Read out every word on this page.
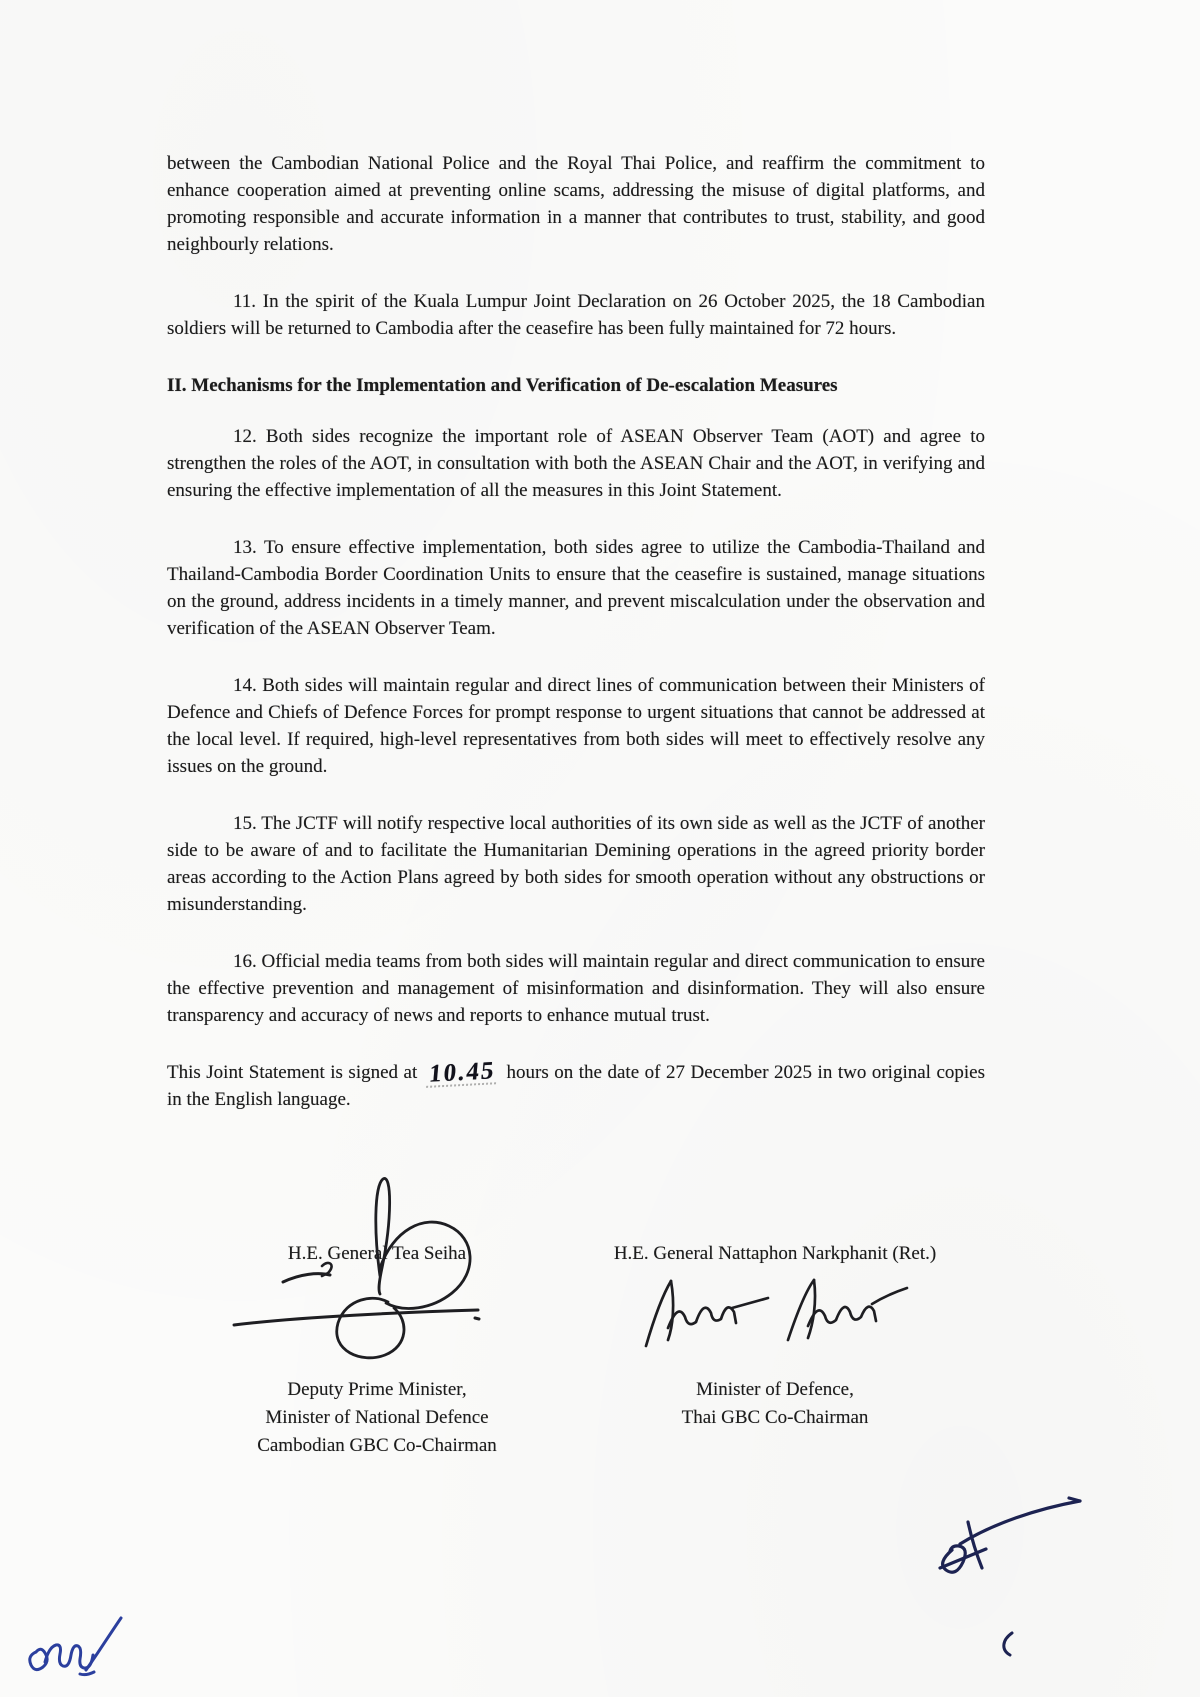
between the Cambodian National Police and the Royal Thai Police, and reaffirm the commitment to enhance cooperation aimed at preventing online scams, addressing the misuse of digital platforms, and promoting responsible and accurate information in a manner that contributes to trust, stability, and good neighbourly relations.

11. In the spirit of the Kuala Lumpur Joint Declaration on 26 October 2025, the 18 Cambodian soldiers will be returned to Cambodia after the ceasefire has been fully maintained for 72 hours.

II. Mechanisms for the Implementation and Verification of De-escalation Measures

12. Both sides recognize the important role of ASEAN Observer Team (AOT) and agree to strengthen the roles of the AOT, in consultation with both the ASEAN Chair and the AOT, in verifying and ensuring the effective implementation of all the measures in this Joint Statement.

13. To ensure effective implementation, both sides agree to utilize the Cambodia-Thailand and Thailand-Cambodia Border Coordination Units to ensure that the ceasefire is sustained, manage situations on the ground, address incidents in a timely manner, and prevent miscalculation under the observation and verification of the ASEAN Observer Team.

14. Both sides will maintain regular and direct lines of communication between their Ministers of Defence and Chiefs of Defence Forces for prompt response to urgent situations that cannot be addressed at the local level. If required, high-level representatives from both sides will meet to effectively resolve any issues on the ground.

15. The JCTF will notify respective local authorities of its own side as well as the JCTF of another side to be aware of and to facilitate the Humanitarian Demining operations in the agreed priority border areas according to the Action Plans agreed by both sides for smooth operation without any obstructions or misunderstanding.

16. Official media teams from both sides will maintain regular and direct communication to ensure the effective prevention and management of misinformation and disinformation. They will also ensure transparency and accuracy of news and reports to enhance mutual trust.

This Joint Statement is signed at 10.45 hours on the date of 27 December 2025 in two original copies in the English language.

H.E. General Tea Seiha	H.E. General Nattaphon Narkphanit (Ret.)
Deputy Prime Minister,
Minister of National Defence
Cambodian GBC Co-Chairman
Minister of Defence,
Thai GBC Co-Chairman
